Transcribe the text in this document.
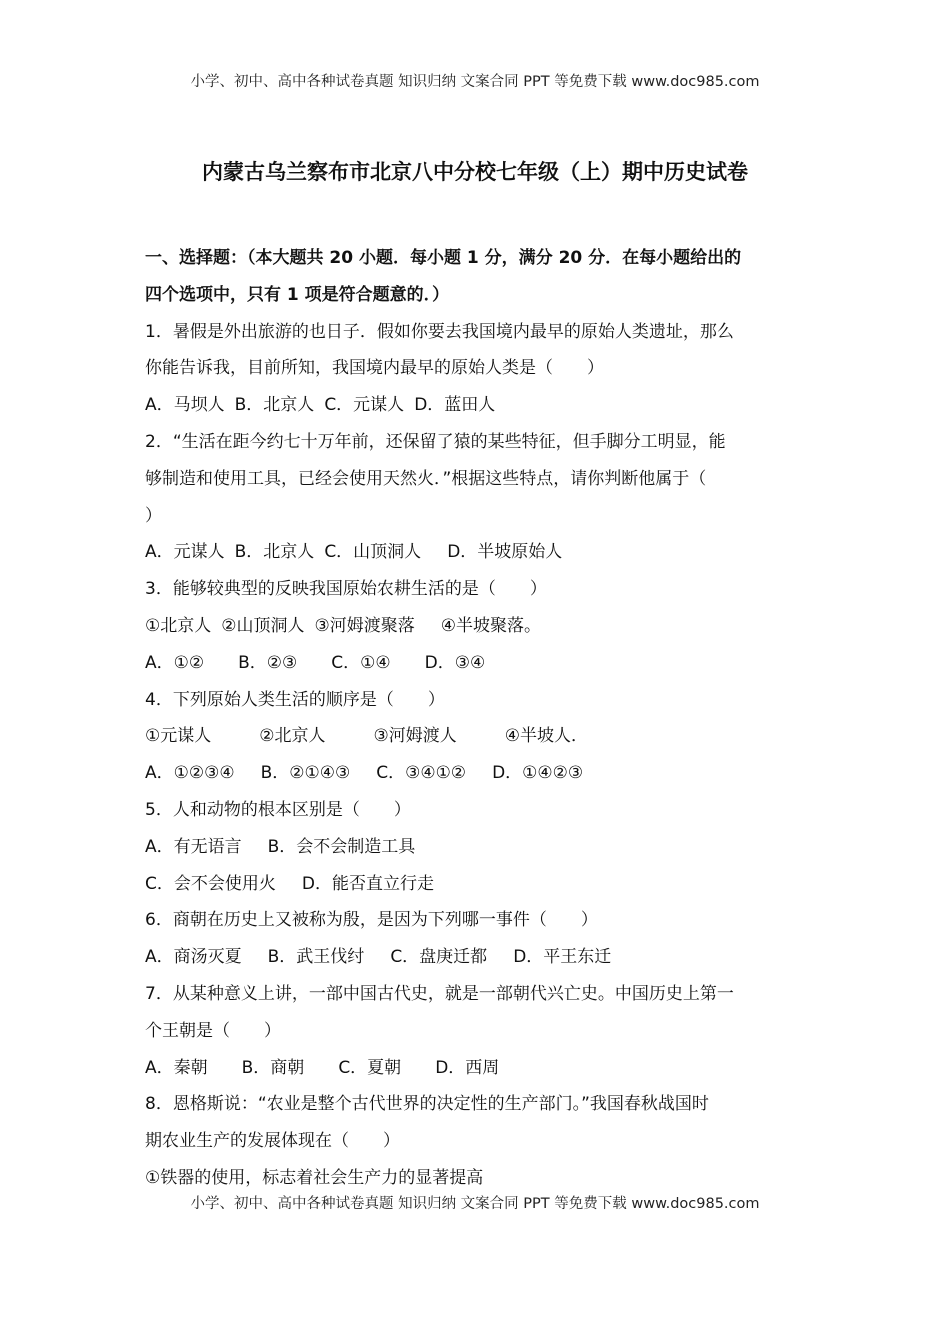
小学、初中、高中各种试卷真题 知识归纳 文案合同 PPT 等免费下载 www.doc985.com
内蒙古乌兰察布市北京八中分校七年级（上）期中历史试卷
一、选择题：（本大题共 20 小题．每小题 1 分，满分 20 分．在每小题给出的
四个选项中，只有 1 项是符合题意的．）
1．暑假是外出旅游的也日子．假如你要去我国境内最早的原始人类遗址，那么
你能告诉我，目前所知，我国境内最早的原始人类是（　　）
A．马坝人 B．北京人 C．元谋人 D．蓝田人
2．“生活在距今约七十万年前，还保留了猿的某些特征，但手脚分工明显，能
够制造和使用工具，已经会使用天然火．”根据这些特点，请你判断他属于（
）
A．元谋人 B．北京人 C．山顶洞人 D．半坡原始人
3．能够较典型的反映我国原始农耕生活的是（　　）
①北京人 ②山顶洞人 ③河姆渡聚落 ④半坡聚落。
A．①② B．②③ C．①④ D．③④
4．下列原始人类生活的顺序是（　　）
①元谋人	②北京人	③河姆渡人	④半坡人．
A．①②③④ B．②①④③ C．③④①② D．①④②③
5．人和动物的根本区别是（　　）
A．有无语言 B．会不会制造工具
C．会不会使用火 D．能否直立行走
6．商朝在历史上又被称为殷，是因为下列哪一事件（　　）
A．商汤灭夏 B．武王伐纣 C．盘庚迁都 D．平王东迁
7．从某种意义上讲，一部中国古代史，就是一部朝代兴亡史。中国历史上第一
个王朝是（　　）
A．秦朝 B．商朝 C．夏朝 D．西周
8．恩格斯说：“农业是整个古代世界的决定性的生产部门。”我国春秋战国时
期农业生产的发展体现在（　　）
①铁器的使用，标志着社会生产力的显著提高
小学、初中、高中各种试卷真题 知识归纳 文案合同 PPT 等免费下载 www.doc985.com
